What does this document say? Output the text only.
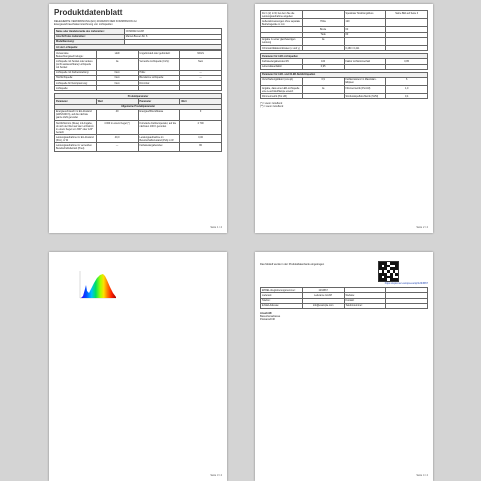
Produktdatenblatt
DELEGIERTE VERORDNUNG (EU) 2019/2015 DER KOMMISSION zur
Energieverbrauchskennzeichnung von Lichtquellen
Name oder Handelsmarke des Lieferanten:	OOSRAM GmbH
Anschrift des Lieferanten:	Marcel-Breuer-Str. 6
Modellkennung:	
Art der Lichtquelle:	
Verwendete Beleuchtungstechnologie:	LED	Ungebündelt oder gebündelt:	NDLS
Lichtquelle mit Sockel oder andere (nicht austauschbare) Lichtquelle mit Sockel:	Ja	Vernetzte Lichtquelle (CLS):	Nein
Lichtquelle mit Farbeinstellung:	Nein	Hülle:	—
Hochlichtquelle:	Nein	Blendarme Lichtquelle:	—
Lichtquelle für Netzspannung:	Nein	Dimmbar:	
Lichtquelle:			
Produktparameter			
Parameter	Wert	Parameter	Wert
Allgemeine Produktparameter			
Energieverbrauch im Ein-Zustand (kWh/1000 h), auf die nächste ganze Zahl gerundet	40	Energieeffizienzklasse	F
Nutzlichtstrom (Φuse) mit Angabe, ob sich der Wert auf den Lichtstrom in einem Kegel von 360° oder 120° bezieht	4 000 in einem Kegel (°)	Korrelierte Farbtemperatur, auf die nächsten 100 K gerundet	2 700
Leistungsaufnahme im Ein-Zustand (Pon), in W	40,0	Leistungsaufnahme im Bereitschaftszustand (Psb) in W	0,00
Leistungsaufnahme im vernetzten Bereitschaftsbetrieb (Pnet)	—	Farbwiedergabeindex	80
Seite 1 / 4
Für 1 (2) in W, bei dem Sie die Leistungsaufnahme angeben		Spektraler Strahlungsfluss	Siehe Bild auf Seite 3
Außenabmessungen ohne separate Betriebsgeräte in mm	Höhe	120	
	Breite	60	
	Tiefe	60	
Angabe zu einer gleichwertigen Leistung	Ja		
Chromatizitätskoordinaten (x und y)		0,460 / 0,411	
Parameter für LED-Lichtquellen			
Farbwiedergabeindex R9	100	Faktor Lichtstromerhalt	0,95
Lebensdauerfaktor	0,95		
Parameter für LED- und OLED-Netzlichtquellen			
Verschiebungsfaktor (cos φ1)	0,9	Farbkonsistenz in MacAdam-Ellipsen	6
Angabe, dass eine LED-Lichtquelle eine Leuchtstofflampe ersetzt	Ja	Flimmermetrik (Pst LM)	1,0
Flimmermetrik (Pst LM)		Stroboskopeffekt-Metrik (SVM)	0,4
(*) = wenn zutreffend
(**) = wenn zutreffend
Seite 2 / 4
Seite 3 / 4
Das Modell wurde in der Produktdatenbank eingetragen
https://eprel.ec.europa.eu/qr/1234567
EPREL-Registrierungsnummer:	1234567		
Lieferant:	Ledvance GmbH	Website:	
Telefon:		Kontakt:	
E-Mail-Adresse:	info@example.com	Telefonnummer:	
Anschrift:
Besucheradresse
Postanschrift
Seite 4 / 4
